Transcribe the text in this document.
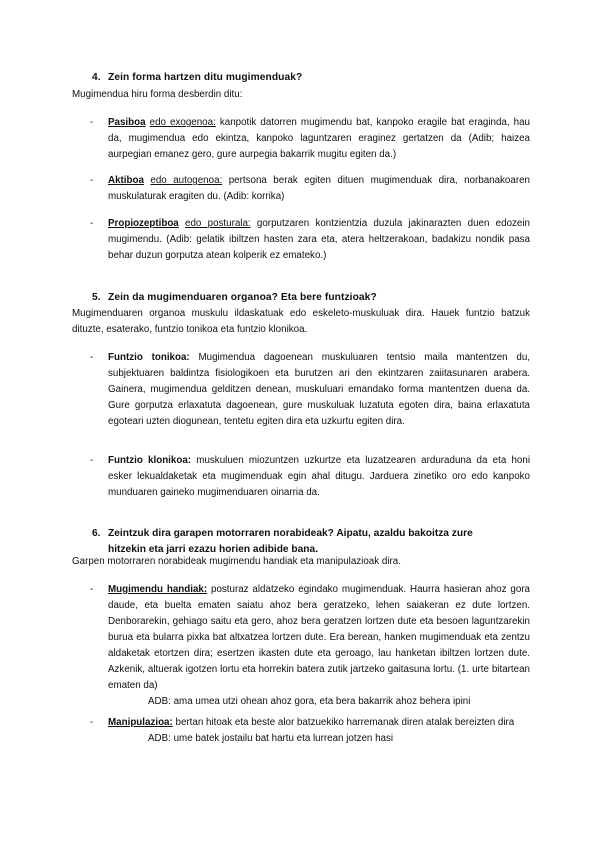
4. Zein forma hartzen ditu mugimenduak?
Mugimendua hiru forma desberdin ditu:
- Pasiboa edo exogenoa: kanpotik datorren mugimendu bat, kanpoko eragile bat eraginda, hau da, mugimendua edo ekintza, kanpoko laguntzaren eraginez gertatzen da (Adib; haizea aurpegian emanez gero, gure aurpegia bakarrik mugitu egiten da.)
- Aktiboa edo autogenoa: pertsona berak egiten dituen mugimenduak dira, norbanakoaren muskulaturak eragiten du. (Adib: korrika)
- Propiozeptiboa edo posturala: gorputzaren kontzientzia duzula jakinarazten duen edozein mugimendu. (Adib: gelatik ibiltzen hasten zara eta, atera heltzerakoan, badakizu nondik pasa behar duzun gorputza atean kolperik ez emateko.)
5. Zein da mugimenduaren organoa? Eta bere funtzioak?
Mugimenduaren organoa muskulu ildaskatuak edo eskeleto-muskuluak dira. Hauek funtzio batzuk dituzte, esaterako, funtzio tonikoa eta funtzio klonikoa.
- Funtzio tonikoa: Mugimendua dagoenean muskuluaren tentsio maila mantentzen du, subjektuaren baldintza fisiologikoen eta burutzen ari den ekintzaren zaiitasunaren arabera. Gainera, mugimendua gelditzen denean, muskuluari emandako forma mantentzen duena da. Gure gorputza erlaxatuta dagoenean, gure muskuluak luzatuta egoten dira, baina erlaxatuta egoteari uzten diogunean, tentetu egiten dira eta uzkurtu egiten dira.
- Funtzio klonikoa: muskuluen miozuntzen uzkurtze eta luzatzearen arduraduna da eta honi esker lekualdaketak eta mugimenduak egin ahal ditugu. Jarduera zinetiko oro edo kanpoko munduaren gaineko mugimenduaren oinarria da.
6. Zeintzuk dira garapen motorraren norabideak? Aipatu, azaldu bakoitza zure
hitzekin eta jarri ezazu horien adibide bana.
Garpen motorraren norabideak mugimendu handiak eta manipulazioak dira.
- Mugimendu handiak: posturaz aldatzeko egindako mugimenduak. Haurra hasieran ahoz gora daude, eta buelta ematen saiatu ahoz bera geratzeko, lehen saiakeran ez dute lortzen. Denborarekin, gehiago saitu eta gero, ahoz bera geratzen lortzen dute eta besoen laguntzarekin burua eta bularra pixka bat altxatzea lortzen dute. Era berean, hanken mugimenduak eta zentzu aldaketak etortzen dira; esertzen ikasten dute eta geroago, lau hanketan ibiltzen lortzen dute. Azkenik, altuerak igotzen lortu eta horrekin batera zutik jartzeko gaitasuna lortu. (1. urte bitartean ematen da)
ADB: ama umea utzi ohean ahoz gora, eta bera bakarrik ahoz behera ipini
- Manipulazioa: bertan hitoak eta beste alor batzuekiko harremanak diren atalak bereizten dira
ADB: ume batek jostailu bat hartu eta lurrean jotzen hasi
